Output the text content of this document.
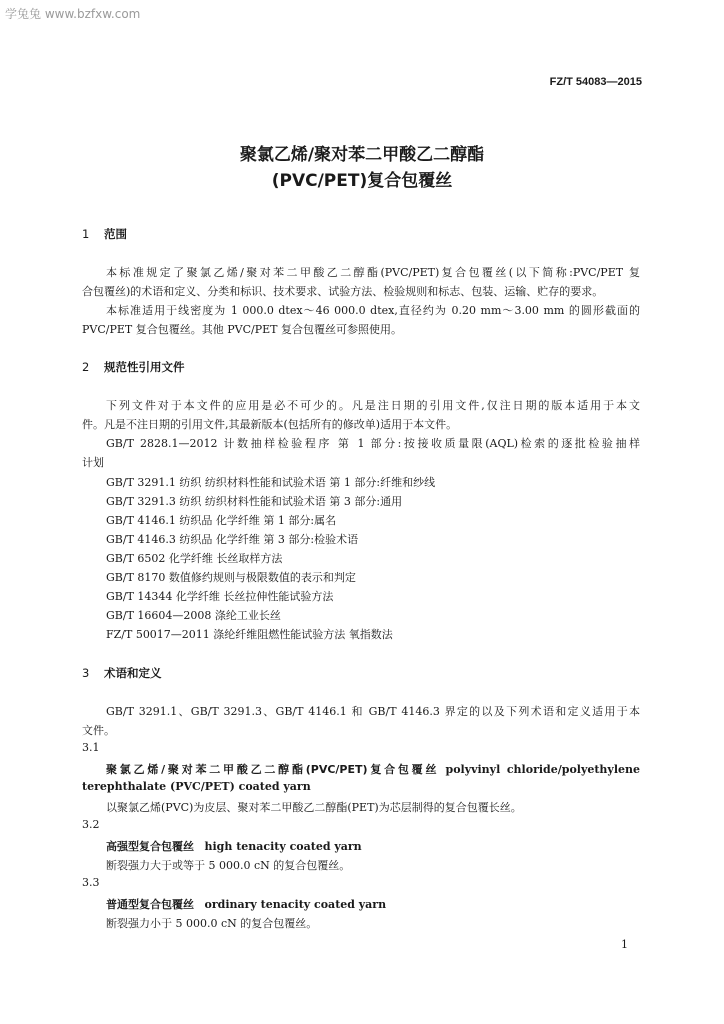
学兔兔 www.bzfxw.com
FZ/T 54083—2015
聚氯乙烯/聚对苯二甲酸乙二醇酯
(PVC/PET)复合包覆丝
1 范围
本标准规定了聚氯乙烯/聚对苯二甲酸乙二醇酯(PVC/PET)复合包覆丝(以下简称:PVC/PET 复
合包覆丝)的术语和定义、分类和标识、技术要求、试验方法、检验规则和标志、包装、运输、贮存的要求。
本标准适用于线密度为 1 000.0 dtex～46 000.0 dtex,直径约为 0.20 mm～3.00 mm 的圆形截面的
PVC/PET 复合包覆丝。其他 PVC/PET 复合包覆丝可参照使用。
2 规范性引用文件
下列文件对于本文件的应用是必不可少的。凡是注日期的引用文件,仅注日期的版本适用于本文
件。凡是不注日期的引用文件,其最新版本(包括所有的修改单)适用于本文件。
GB/T 2828.1—2012 计数抽样检验程序 第 1 部分:按接收质量限(AQL)检索的逐批检验抽样
计划
GB/T 3291.1 纺织 纺织材料性能和试验术语 第 1 部分:纤维和纱线
GB/T 3291.3 纺织 纺织材料性能和试验术语 第 3 部分:通用
GB/T 4146.1 纺织品 化学纤维 第 1 部分:属名
GB/T 4146.3 纺织品 化学纤维 第 3 部分:检验术语
GB/T 6502 化学纤维 长丝取样方法
GB/T 8170 数值修约规则与极限数值的表示和判定
GB/T 14344 化学纤维 长丝拉伸性能试验方法
GB/T 16604—2008 涤纶工业长丝
FZ/T 50017—2011 涤纶纤维阻燃性能试验方法 氧指数法
3 术语和定义
GB/T 3291.1、GB/T 3291.3、GB/T 4146.1 和 GB/T 4146.3 界定的以及下列术语和定义适用于本
文件。
3.1
聚氯乙烯/聚对苯二甲酸乙二醇酯(PVC/PET)复合包覆丝 polyvinyl chloride/polyethylene
terephthalate (PVC/PET) coated yarn
以聚氯乙烯(PVC)为皮层、聚对苯二甲酸乙二醇酯(PET)为芯层制得的复合包覆长丝。
3.2
高强型复合包覆丝 high tenacity coated yarn
断裂强力大于或等于 5 000.0 cN 的复合包覆丝。
3.3
普通型复合包覆丝 ordinary tenacity coated yarn
断裂强力小于 5 000.0 cN 的复合包覆丝。
1
